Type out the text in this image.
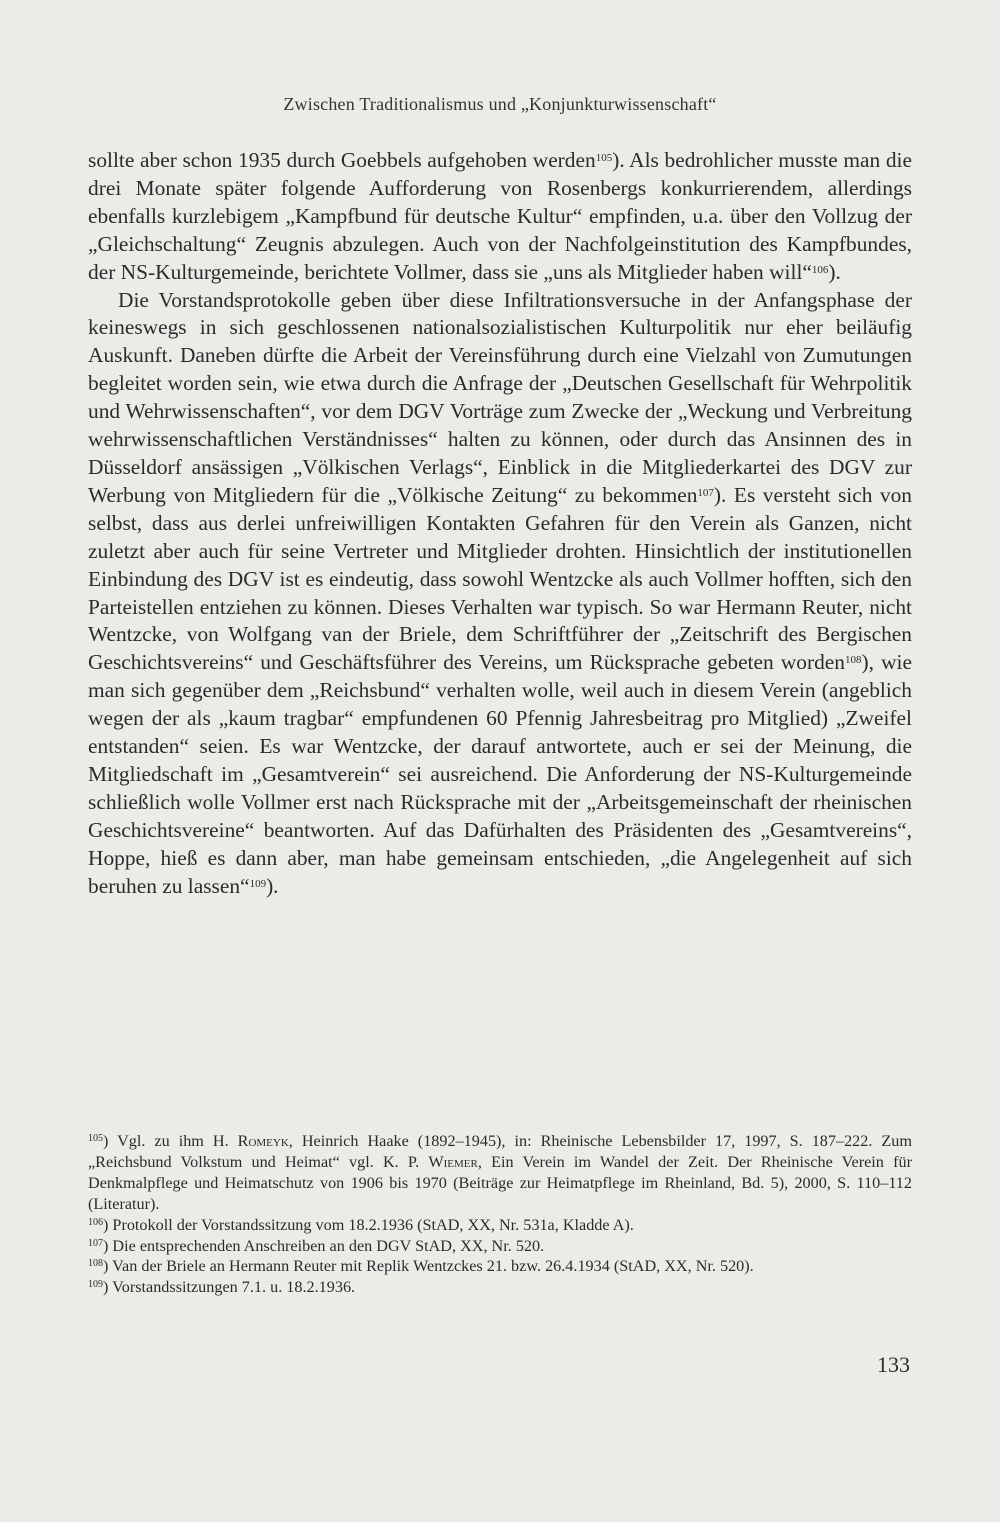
Zwischen Traditionalismus und „Konjunkturwissenschaft“

sollte aber schon 1935 durch Goebbels aufgehoben werden$^{105}$). Als bedrohlicher musste man die drei Monate später folgende Aufforderung von Rosenbergs konkurrierendem, allerdings ebenfalls kurzlebigem „Kampfbund für deutsche Kultur“ empfinden, u.a. über den Vollzug der „Gleichschaltung“ Zeugnis abzulegen. Auch von der Nachfolgeinstitution des Kampfbundes, der NS-Kulturgemeinde, berichtete Vollmer, dass sie „uns als Mitglieder haben will“$^{106}$).

Die Vorstandsprotokolle geben über diese Infiltrationsversuche in der Anfangsphase der keineswegs in sich geschlossenen nationalsozialistischen Kulturpolitik nur eher beiläufig Auskunft. Daneben dürfte die Arbeit der Vereinsführung durch eine Vielzahl von Zumutungen begleitet worden sein, wie etwa durch die Anfrage der „Deutschen Gesellschaft für Wehrpolitik und Wehrwissenschaften“, vor dem DGV Vorträge zum Zwecke der „Weckung und Verbreitung wehrwissenschaftlichen Verständnisses“ halten zu können, oder durch das Ansinnen des in Düsseldorf ansässigen „Völkischen Verlags“, Einblick in die Mitgliederkartei des DGV zur Werbung von Mitgliedern für die „Völkische Zeitung“ zu bekommen$^{107}$). Es versteht sich von selbst, dass aus derlei unfreiwilligen Kontakten Gefahren für den Verein als Ganzen, nicht zuletzt aber auch für seine Vertreter und Mitglieder drohten. Hinsichtlich der institutionellen Einbindung des DGV ist es eindeutig, dass sowohl Wentzcke als auch Vollmer hofften, sich den Parteistellen entziehen zu können. Dieses Verhalten war typisch. So war Hermann Reuter, nicht Wentzcke, von Wolfgang van der Briele, dem Schriftführer der „Zeitschrift des Bergischen Geschichtsvereins“ und Geschäftsführer des Vereins, um Rücksprache gebeten worden$^{108}$), wie man sich gegenüber dem „Reichsbund“ verhalten wolle, weil auch in diesem Verein (angeblich wegen der als „kaum tragbar“ empfundenen 60 Pfennig Jahresbeitrag pro Mitglied) „Zweifel entstanden“ seien. Es war Wentzcke, der darauf antwortete, auch er sei der Meinung, die Mitgliedschaft im „Gesamtverein“ sei ausreichend. Die Anforderung der NS-Kulturgemeinde schließlich wolle Vollmer erst nach Rücksprache mit der „Arbeitsgemeinschaft der rheinischen Geschichtsvereine“ beantworten. Auf das Dafürhalten des Präsidenten des „Gesamtvereins“, Hoppe, hieß es dann aber, man habe gemeinsam entschieden, „die Angelegenheit auf sich beruhen zu lassen“$^{109}$).

$^{105}$) Vgl. zu ihm H. Romeyk, Heinrich Haake (1892–1945), in: Rheinische Lebensbilder 17, 1997, S. 187–222. Zum „Reichsbund Volkstum und Heimat“ vgl. K. P. Wiemer, Ein Verein im Wandel der Zeit. Der Rheinische Verein für Denkmalpflege und Heimatschutz von 1906 bis 1970 (Beiträge zur Heimatpflege im Rheinland, Bd. 5), 2000, S. 110–112 (Literatur).

$^{106}$) Protokoll der Vorstandssitzung vom 18.2.1936 (StAD, XX, Nr. 531a, Kladde A).

$^{107}$) Die entsprechenden Anschreiben an den DGV StAD, XX, Nr. 520.

$^{108}$) Van der Briele an Hermann Reuter mit Replik Wentzckes 21. bzw. 26.4.1934 (StAD, XX, Nr. 520).

$^{109}$) Vorstandssitzungen 7.1. u. 18.2.1936.

133
